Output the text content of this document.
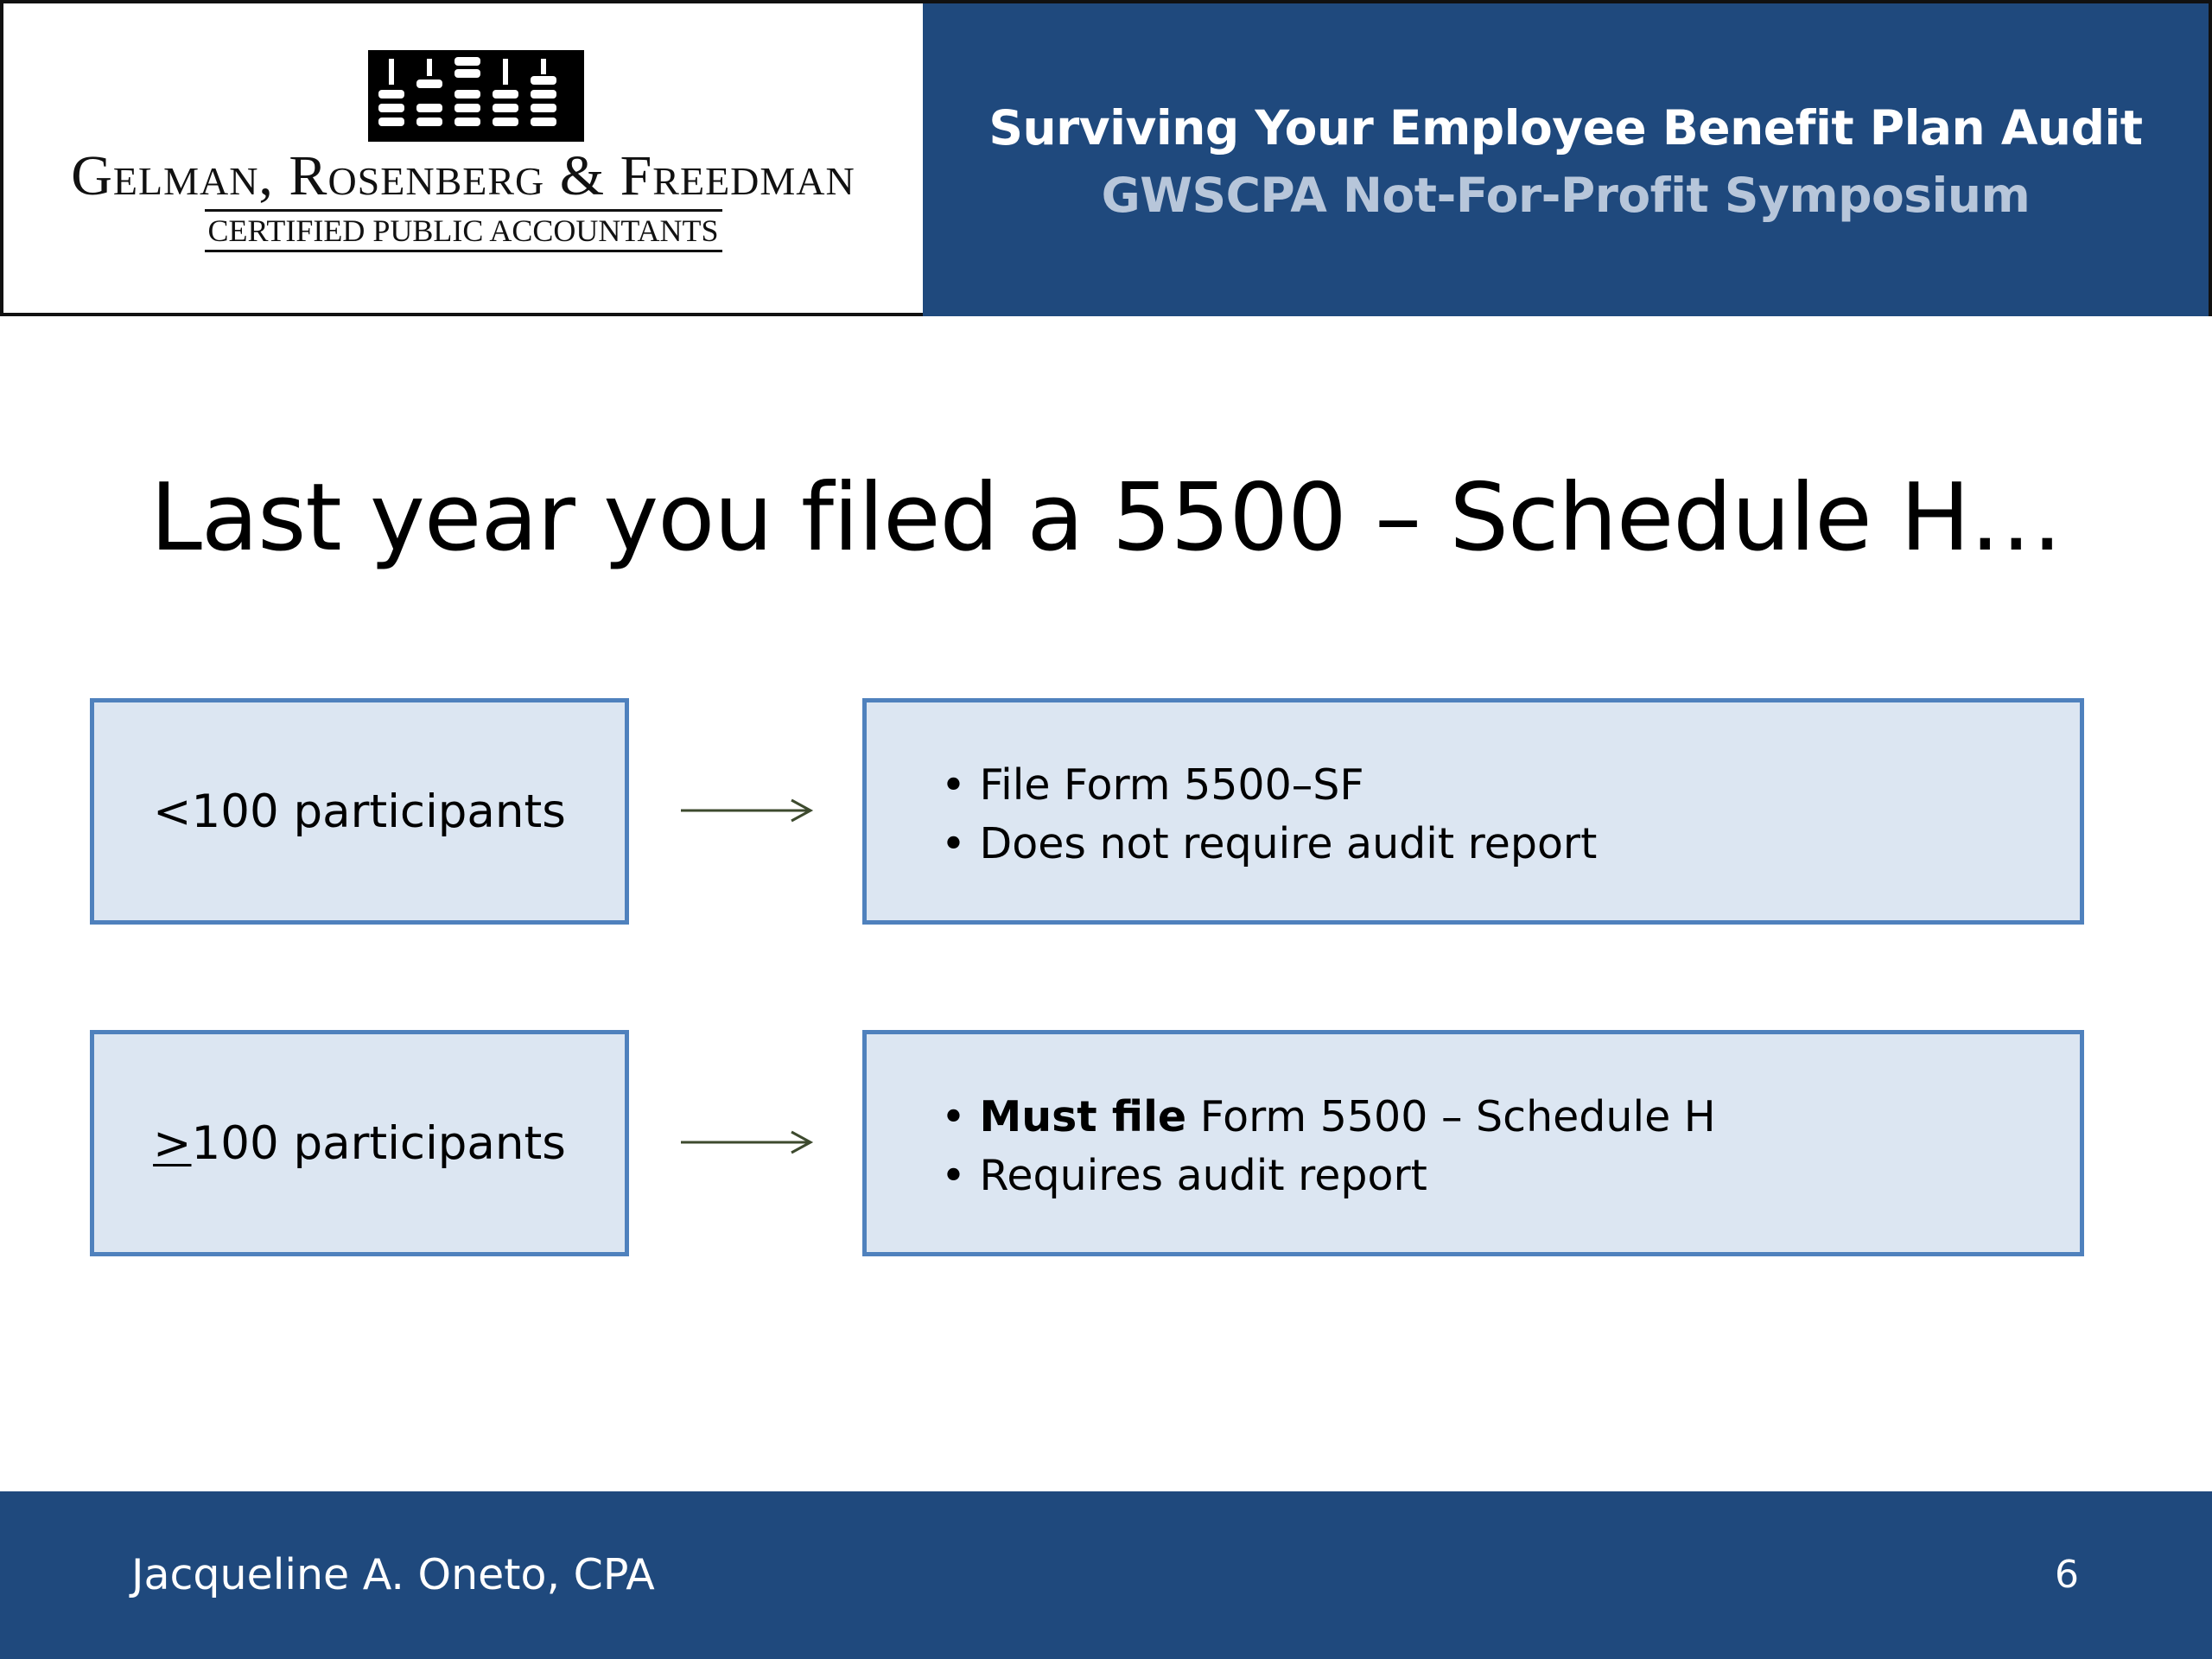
Gelman, Rosenberg & Freedman
CERTIFIED PUBLIC ACCOUNTANTS
Surviving Your Employee Benefit Plan Audit
GWSCPA Not-For-Profit Symposium
Last year you filed a 5500 – Schedule H…
<100 participants	• File Form 5500–SF
• Does not require audit report
≥100 participants	• Must file Form 5500 – Schedule H
• Requires audit report
Jacqueline A. Oneto, CPA	6
